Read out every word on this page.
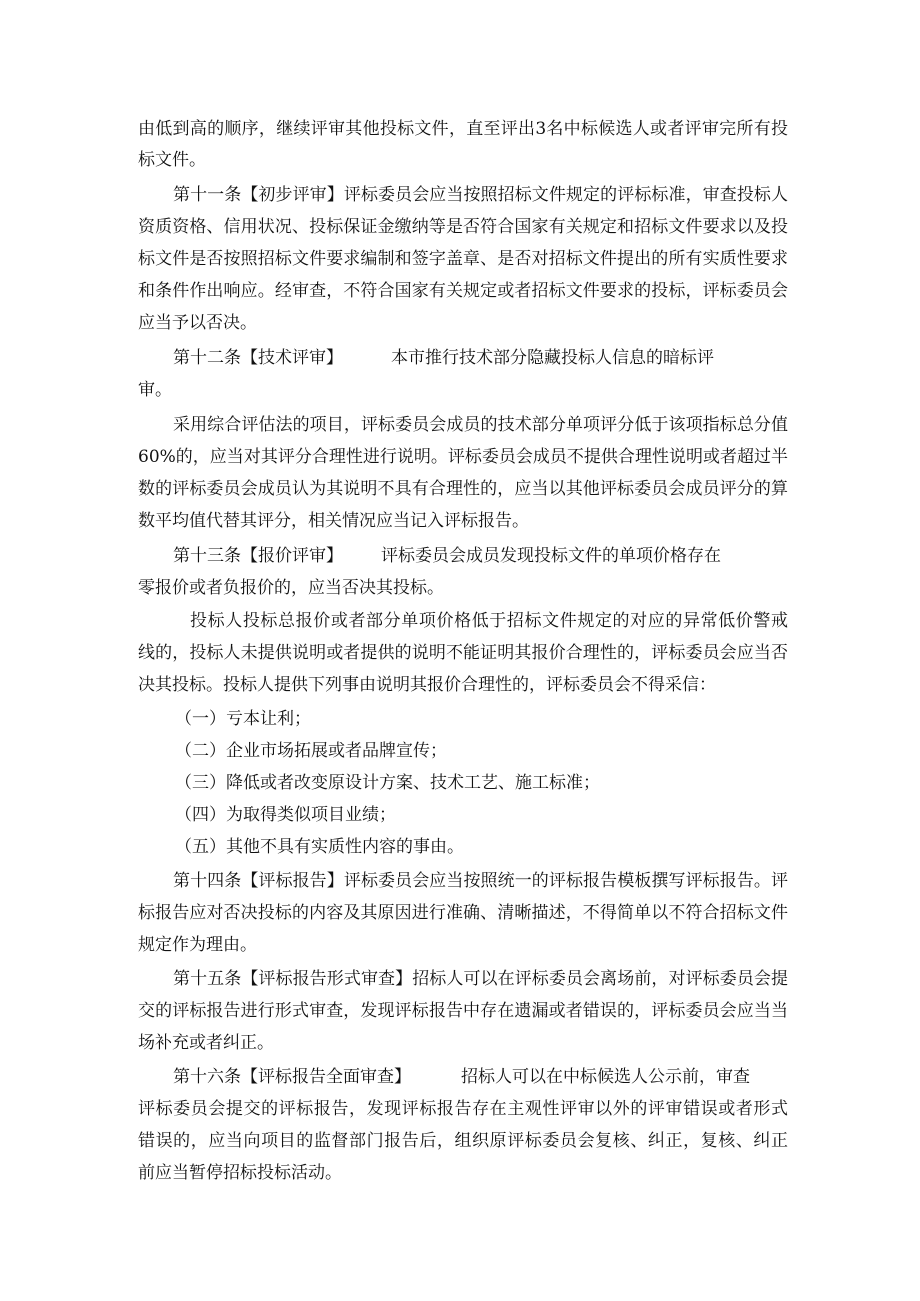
由低到高的顺序，继续评审其他投标文件，直至评出3名中标候选人或者评审完所有投
标文件。
第十一条【初步评审】评标委员会应当按照招标文件规定的评标标准，审查投标人
资质资格、信用状况、投标保证金缴纳等是否符合国家有关规定和招标文件要求以及投
标文件是否按照招标文件要求编制和签字盖章、是否对招标文件提出的所有实质性要求
和条件作出响应。经审查，不符合国家有关规定或者招标文件要求的投标，评标委员会
应当予以否决。
第十二条【技术评审】	本市推行技术部分隐藏投标人信息的暗标评
审。
采用综合评估法的项目，评标委员会成员的技术部分单项评分低于该项指标总分值
60%的，应当对其评分合理性进行说明。评标委员会成员不提供合理性说明或者超过半
数的评标委员会成员认为其说明不具有合理性的，应当以其他评标委员会成员评分的算
数平均值代替其评分，相关情况应当记入评标报告。
第十三条【报价评审】 评标委员会成员发现投标文件的单项价格存在
零报价或者负报价的，应当否决其投标。
投标人投标总报价或者部分单项价格低于招标文件规定的对应的异常低价警戒
线的，投标人未提供说明或者提供的说明不能证明其报价合理性的，评标委员会应当否
决其投标。投标人提供下列事由说明其报价合理性的，评标委员会不得采信：
（一）亏本让利；
（二）企业市场拓展或者品牌宣传；
（三）降低或者改变原设计方案、技术工艺、施工标准；
（四）为取得类似项目业绩；
（五）其他不具有实质性内容的事由。
第十四条【评标报告】评标委员会应当按照统一的评标报告模板撰写评标报告。评
标报告应对否决投标的内容及其原因进行准确、清晰描述，不得简单以不符合招标文件
规定作为理由。
第十五条【评标报告形式审查】招标人可以在评标委员会离场前，对评标委员会提
交的评标报告进行形式审查，发现评标报告中存在遗漏或者错误的，评标委员会应当当
场补充或者纠正。
第十六条【评标报告全面审查】	招标人可以在中标候选人公示前，审查
评标委员会提交的评标报告，发现评标报告存在主观性评审以外的评审错误或者形式
错误的，应当向项目的监督部门报告后，组织原评标委员会复核、纠正，复核、纠正
前应当暂停招标投标活动。
